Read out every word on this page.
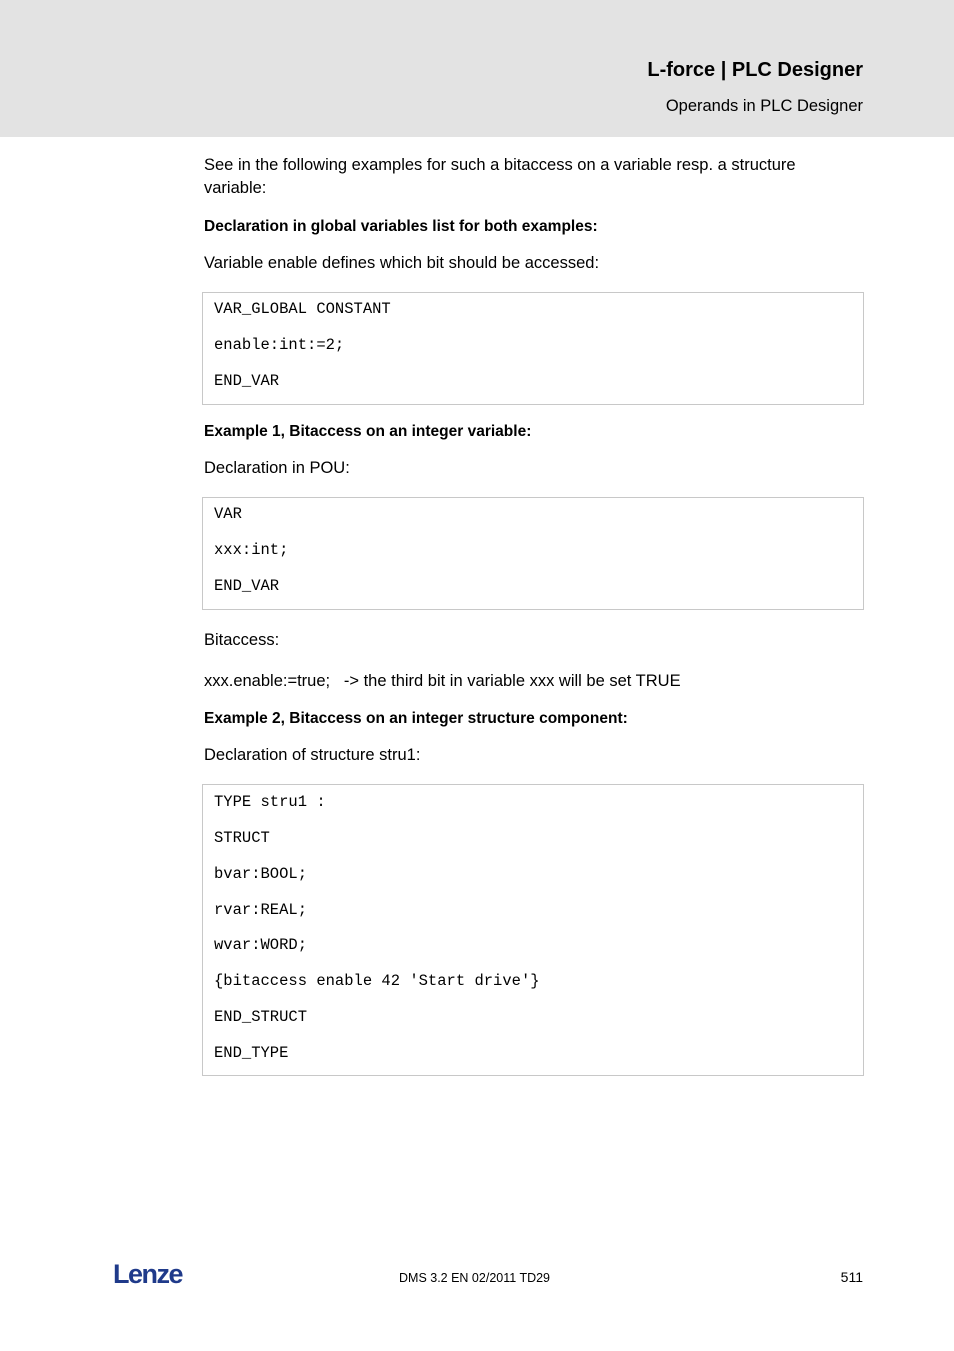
L-force | PLC Designer
Operands in PLC Designer
See in the following examples for such a bitaccess on a variable resp. a structure variable:
Declaration in global variables list for both examples:
Variable enable defines which bit should be accessed:
VAR_GLOBAL CONSTANT
enable:int:=2;
END_VAR
Example 1, Bitaccess on an integer variable:
Declaration in POU:
VAR
xxx:int;
END_VAR
Bitaccess:
xxx.enable:=true;   -> the third bit in variable xxx will be set TRUE
Example 2, Bitaccess on an integer structure component:
Declaration of structure stru1:
TYPE stru1 :
STRUCT
bvar:BOOL;
rvar:REAL;
wvar:WORD;
{bitaccess enable 42 'Start drive'}
END_STRUCT
END_TYPE
Lenze	DMS 3.2 EN 02/2011 TD29	511
